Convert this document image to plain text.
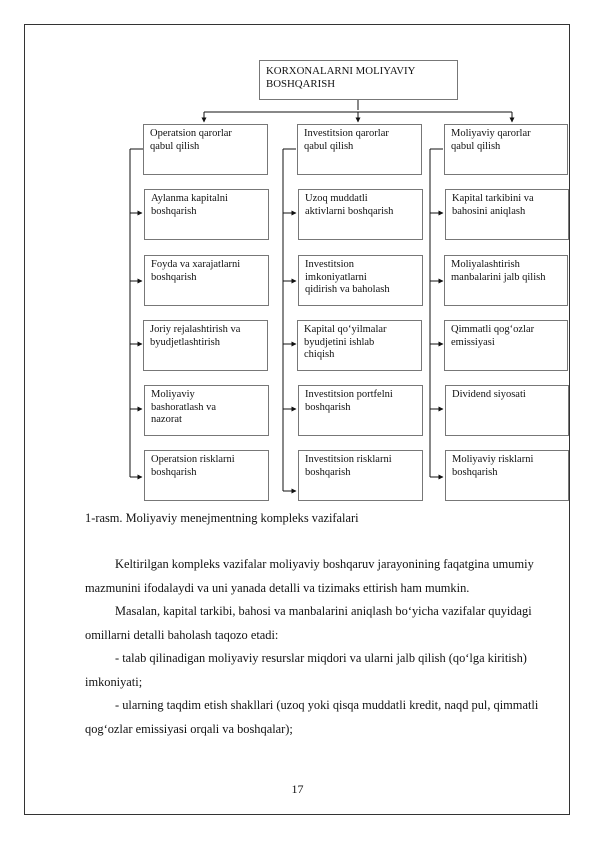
KORXONALARNI MOLIYAVIY
BOSHQARISH
Operatsion qarorlar
qabul qilish
Aylanma kapitalni
boshqarish
Foyda va xarajatlarni
boshqarish
Joriy rejalashtirish va
byudjetlashtirish
Moliyaviy
bashoratlash va
nazorat
Operatsion risklarni
boshqarish
Investitsion qarorlar
qabul qilish
Uzoq muddatli
aktivlarni boshqarish
Investitsion
imkoniyatlarni
qidirish va baholash
Kapital qo‘yilmalar
byudjetini ishlab
chiqish
Investitsion portfelni
boshqarish
Investitsion risklarni
boshqarish
Moliyaviy qarorlar
qabul qilish
Kapital tarkibini va
bahosini aniqlash
Moliyalashtirish
manbalarini jalb qilish
Qimmatli qog‘ozlar
emissiyasi
Dividend siyosati
Moliyaviy risklarni
boshqarish
1-rasm. Moliyaviy menejmentning kompleks vazifalari

Keltirilgan kompleks vazifalar moliyaviy boshqaruv jarayonining faqatgina umumiy mazmunini ifodalaydi va uni yanada detalli va tizimaks ettirish ham mumkin.

Masalan, kapital tarkibi, bahosi va manbalarini aniqlash bo‘yicha vazifalar quyidagi omillarni detalli baholash taqozo etadi:

- talab qilinadigan moliyaviy resurslar miqdori va ularni jalb qilish (qo‘lga kiritish) imkoniyati;

- ularning taqdim etish shakllari (uzoq yoki qisqa muddatli kredit, naqd pul, qimmatli qog‘ozlar emissiyasi orqali va boshqalar);

17
